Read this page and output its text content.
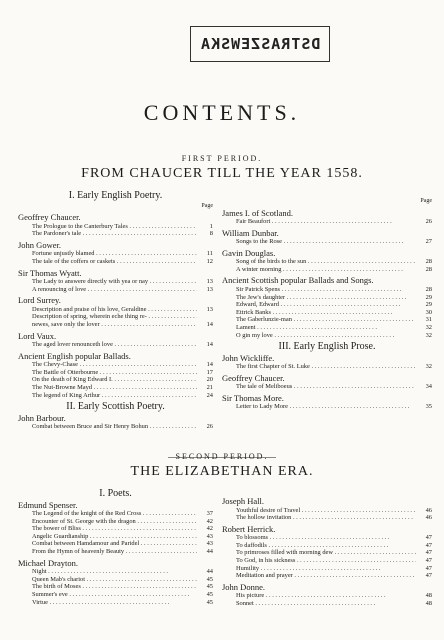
DSTRASZEWSKA
CONTENTS.
FIRST PERIOD.
FROM CHAUCER TILL THE YEAR 1558.
I. Early English Poetry.
Page
Geoffrey Chaucer.
The Prologue to the Canterbury Tales . . .	1
The Pardoner's tale . . .	8
John Gower.
Fortune unjustly blamed . . .	11
The tale of the coffers or caskets . . .	12
Sir Thomas Wyatt.
The Lady to answere directly with yea or nay . . .	13
A renouncing of love . . .	13
Lord Surrey.
Description and praise of his love, Geraldine . . .	13
Description of spring, wherein eche thing re- . . .
newes, save only the lover . . .	14
Lord Vaux.
The aged lover renounceth love . . .	14
Ancient English popular Ballads.
The Chevy-Chase . . .	14
The Battle of Otterbourne . . .	17
On the death of King Edward I. . . .	20
The Nut-Browne Mayd . . .	21
The legend of King Arthur . . .	24
II. Early Scottish Poetry.
John Barbour.
Combat between Bruce and Sir Henry Bohun . . .	26
Page
James I. of Scotland.
Fair Beaufort . . .	26
William Dunbar.
Songs to the Rose . . .	27
Gavin Douglas.
Song of the birds to the sun . . .	28
A winter morning . . .	28
Ancient Scottish popular Ballads and Songs.
Sir Patrick Spens . . .	28
The Jew's daughter . . .	29
Edward, Edward . . .	29
Ettrick Banks . . .	30
The Gaberlunzie-man . . .	31
Lament . . .	32
O gin my love . . .	32
III. Early English Prose.
John Wickliffe.
The first Chapter of St. Luke . . .	32
Geoffrey Chaucer.
The tale of Meliboeus . . .	34
Sir Thomas More.
Letter to Lady More . . .	35
SECOND PERIOD.
THE ELIZABETHAN ERA.
I. Poets.
Edmund Spenser.
The Legend of the knight of the Red Cross . . .	37
Encounter of St. George with the dragon . . .	42
The bower of Bliss . . .	42
Angelic Guardianship . . .	43
Combat between Hamdamour and Paridel . . .	43
From the Hymn of heavenly Beauty . . .	44
Michael Drayton.
Night . . .	44
Queen Mab's chariot . . .	45
The birth of Moses . . .	45
Summer's eve . . .	45
Virtue . . .	45
Joseph Hall.
Youthful desire of Travel . . .	46
The hollow invitation . . .	46
Robert Herrick.
To blossoms . . .	47
To daffodils . . .	47
To primroses filled with morning dew . . .	47
To God, in his sickness . . .	47
Humility . . .	47
Meditation and prayer . . .	47
John Donne.
His picture . . .	48
Sonnet . . .	48
